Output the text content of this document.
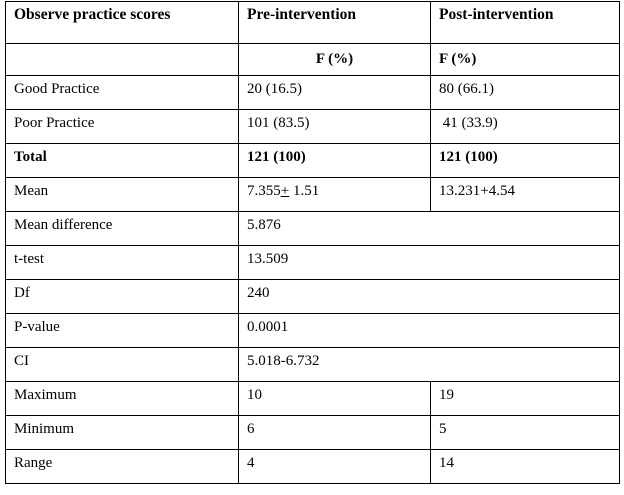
Observe practice scores	Pre-intervention	Post-intervention
	F (%)	F (%)
Good Practice	20 (16.5)	80 (66.1)
Poor Practice	101 (83.5)	41 (33.9)
Total	121 (100)	121 (100)
Mean	7.355+ 1.51	13.231+4.54
Mean difference	5.876	
t-test	13.509	
Df	240	
P-value	0.0001	
CI	5.018-6.732	
Maximum	10	19
Minimum	6	5
Range	4	14
